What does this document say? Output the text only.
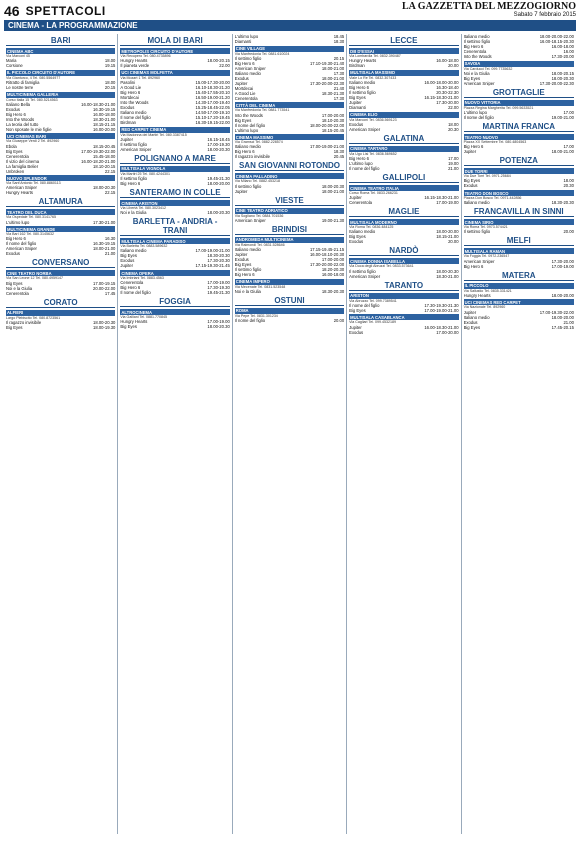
46 SPETTACOLI	LA GAZZETTA DEL MEZZOGIORNO
Sabato 7 febbraio 2015
CINEMA - LA PROGRAMMAZIONE
BARI
CINEMA ABC
Via Marconi 45
Maria	18.00
Corsione	19.15
IL PICCOLO CIRCUITO D'AUTORE
Via Gianturco, 4 Tel. 080.5564977
Ritratto di famiglia	18.00
Le nostre terre	20.15
MULTICINEMA GALLERIA
Corso Italia 15 Tel. 080.5214563
Italiano Bella	16.00-18.30-21.00
Exodus	16.30-19.15
Big Hero 6	16.00-18.00
Into the Woods	18.30-21.00
La teoria del tutto	18.15-21.15
Non sposate le mie figlie	16.00-20.00
UCI CINEMAS BARI
Via Giuseppe Verdi 2 Tel. 892960
Ebola	18.15-20.45
Big Eyes	17.00-19.30-22.00
Cenerentola	15.45-18.00
Il vizio del cinema	16.00-18.20-21.00
La famiglia Belier	18.10-20.15
Unbroken	22.15
NUOVO SPLENDOR
Via Sant'Antonio Tel. 080.8860113
American Sniper	18.00-20.30
Hungry Hearts	22.15
ALTAMURA
TEATRO DEL DUCA
Via Ospedale Tel. 080.3141765
L'ultimo lupo	17.30-21.00
MULTICINEMA GRANDE
Via Bari 162 Tel. 080.3145632
Big Hero 6	16.30
Il nome del figlio	16.30-19.15
American Sniper	18.00-21.00
Exodus	21.00
CONVERSANO
CINE TEATRO NORBA
Via San Leone 12 Tel. 080.4959147
Big Eyes	17.00-19.15
Noi e la Giulia	20.00-22.00
Cenerentola	17.45
CORATO
ALFIERI
Largo Plebiscito Tel. 080.8723561
Il ragazzo invisibile	18.00-20.30
Big Eyes	18.00-19.30
MOLA DI BARI
METROPOLIS CIRCUITO D'AUTORE
Via Recupero Tel. 080.4735896
Hungry Hearts	18.00-20.15
Il pianeta verde	22.00
UCI CINEMAS MOLFETTA
Via Mozart 1 Tel. 892960
Pasolini	15.00-17.30-20.00
A Good Lie	16.10-18.30-21.20
Big Hero 6	15.40-17.55-20.10
Mortdecai	16.50-19.00-21.20
Into the Woods	14.30-17.00-19.40
Exodus	15.25-18.45-22.05
Italiano medio	14.50-17.00-19.10
Il nome del figlio	15.10-17.20-19.45
Birdman	16.30-19.15-22.00
RED CARPET CINEMA
Via Madonna dei Martiri Tel. 080.3387415
Jupiter	16.15-18.45
Il settimo figlio	17.00-19.30
American Sniper	18.00-20.30
POLIGNANO A MARE
MULTISALA VIGNOLA
Via Martiri 25 Tel. 080.4244301
Il settimo figlio	19.45-21.30
Big Hero 6	18.00-20.00
SANTERAMO IN COLLE
CINEMA ARISTON
Via Libertà Tel. 080.3023412
Noi e la Giulia	18.00-20.30
BARLETTA - ANDRIA - TRANI
MULTISALA CINEMA PARADISO
Via Barletta Tel. 0883.589632
Italiano medio	17.00-19.00-21.00
Big Eyes	18.30-20.30
Exodus	17.30-20.30
Jupiter	17.15-19.30-21.45
CINEMA OPERA
Via Imbriani Tel. 0883.4563
Cenerentola	17.00-19.00
Big Hero 6	17.30-19.30
Il nome del figlio	19.45-21.30
FOGGIA
ALTROCINEMA
Via Galliani Tel. 0881.770845
Hungry Hearts	17.00-19.00
Big Eyes	18.00-20.30
L'ultimo lupo	18.45
Diamanti	18.30
CINE VILLAGE
Via Manfredonia Tel. 0881.610024
Il settimo figlio	20.15
Big Hero 6	17.10-19.30-21.40
American Sniper	18.00-21.00
Italiano medio	17.30
Exodus	18.00-21.00
Jupiter	17.30-20.00-22.30
Mortdecai	21.40
A Good Lie	18.30-21.30
Cenerentola	17.30
CITTÀ DEL CINEMA
Via Manfredonia Tel. 0881.773541
Into the Woods	17.00-20.00
Big Eyes	18.10-20.30
Il nome del figlio	18.00-20.00-22.00
L'ultimo lupo	18.15-20.45
CINEMA MASSIMO
Via Gramsci Tel. 0882.228574
Italiano medio	17.00-19.00-21.00
Big Hero 6	18.30
Il ragazzo invisibile	20.45
SAN GIOVANNI ROTONDO
CINEMA PALLADINO
Via Milano Tel. 0882.453218
Il settimo figlio	18.00-20.30
Jupiter	18.00-21.00
VIESTE
CINE TEATRO ADRIATICO
Via Sogliano Tel. 0884.701536
American Sniper	19.00-21.30
BRINDISI
ANDROMEDA MULTICINEMA
Via Raimondi Tel. 0831.528646
Italiano medio	17.15-19.45-21.15
Jupiter	16.00-18.10-20.30
Exodus	17.00-20.00
Big Eyes	17.30-20.00-22.00
Il settimo figlio	18.20-20.30
Big Hero 6	16.00-18.00
CINEMA IMPERO
Via Mecenate Tel. 0831.523548
Noi e la Giulia	18.30-20.30
OSTUNI
ROMA
Via Pepe Tel. 0831.301234
Il nome del figlio	20.00
LECCE
DB D'ESSAI
Via Lombardia Tel. 0832.390487
Hungry Hearts	16.00-18.00
Birdman	20.00
MULTISALA MASSIMO
Viale Lo Re Tel. 0832.307433
Italiano medio	16.00-18.00-20.00
Big Hero 6	16.30-18.40
Il settimo figlio	20.30-22.30
Big Eyes	16.15-18.30-21.00
Jupiter	17.30-20.00
Diamanti	22.00
CINEMA ELIO
Via Marconi Tel. 0836.569123
Exodus	18.00
American Sniper	20.30
GALATINA
CINEMA TARTARO
Via Ugo Lisi Tel. 0836.569652
Big Hero 6	17.00
L'ultimo lupo	19.00
Il nome del figlio	21.00
GALLIPOLI
CINEMA TEATRO ITALIA
Corso Roma Tel. 0833.266231
Jupiter	16.15-18.30-21.00
Cenerentola	17.00-19.00
MAGLIE
MULTISALA MODERNO
Via Roma Tel. 0836.484125
Italiano medio	18.00-20.00
Big Eyes	18.15-21.00
Exodus	20.00
NARDÒ
CINEMA DONNA ISABELLA
Via Duca degli Abruzzi Tel. 0833.573641
Il settimo figlio	18.00-20.30
American Sniper	18.30-21.00
TARANTO
ARISTON
Via Abruzzo Tel. 099.7389541
Il nome del figlio	17.30-19.30-21.30
Big Eyes	17.00-19.00-21.00
MULTISALA CASABLANCA
Via Cagliari Tel. 099.4532189
Jupiter	16.00-18.30-21.00
Exodus	17.00-20.00
Italiano medio	18.00-20.00-22.00
Il settimo figlio	16.00-18.15-20.30
Big Hero 6	16.00-18.00
Cenerentola	16.00
Into the Woods	17.30-20.00
SAVOIA
Via Carducci Tel. 099.7735632
Noi e la Giulia	18.00-20.15
Big Eyes	18.00-20.30
American Sniper	17.30-20.00-22.30
GROTTAGLIE
NUOVO VITTORIA
Piazza Regina Margherita Tel. 099.5633521
L'ultimo lupo	17.00
Il nome del figlio	19.00-21.00
MARTINA FRANCA
TEATRO NUOVO
Piazza XX Settembre Tel. 080.4804563
Big Hero 6	17.00
Jupiter	18.00-21.00
POTENZA
DUE TORRI
Via Due Torri Tel. 0971.25684
Big Eyes	18.00
Exodus	20.30
TEATRO DON BOSCO
Piazza Don Bosco Tel. 0971.442856
Italiano medio	18.30-20.30
FRANCAVILLA IN SINNI
CINEMA SIRIO
Via Roma Tel. 0973.574421
Il settimo figlio	20.00
MELFI
MULTISALA RAMAN
Via Foggia Tel. 0972.236547
American Sniper	17.30-20.00
Big Hero 6	17.00-19.00
MATERA
IL PICCOLO
Via Sallustio Tel. 0835.331421
Hungry Hearts	18.00-20.00
UCI CINEMAS RED CARPET
Via Nazionale Tel. 892960
Jupiter	17.00-19.30-22.00
Italiano medio	18.00-20.00
Exodus	21.00
Big Eyes	17.45-20.15
